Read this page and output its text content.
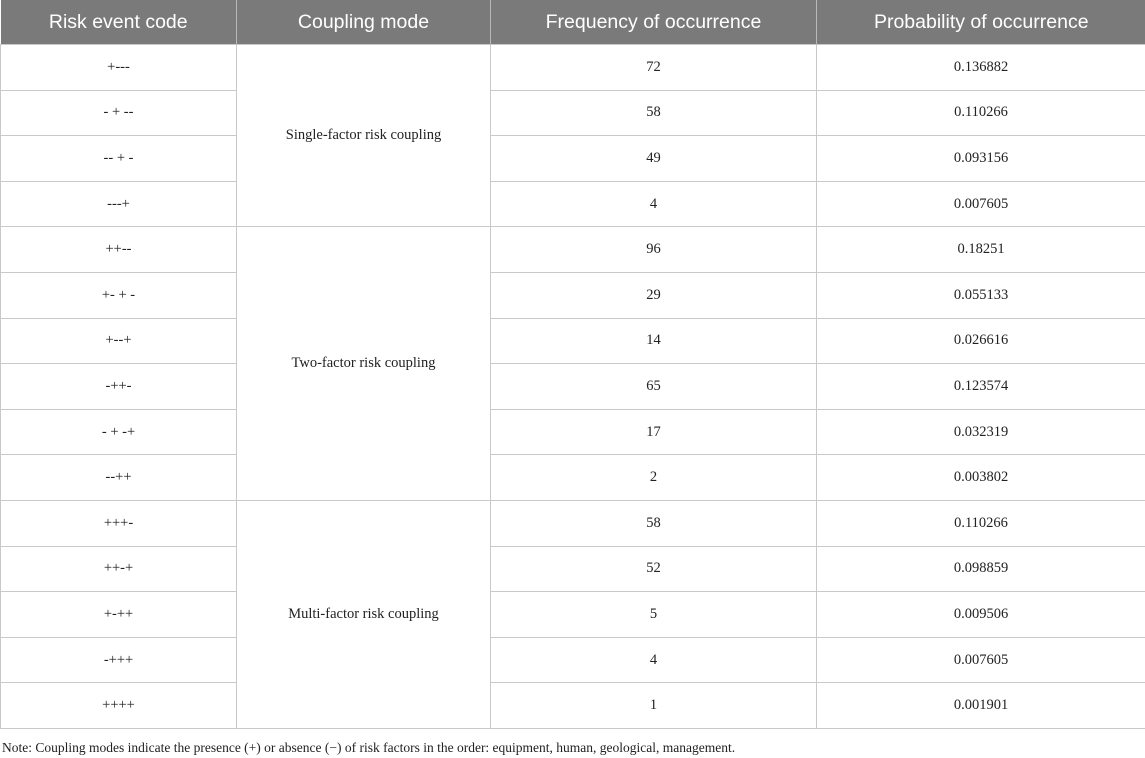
Risk event code	Coupling mode	Frequency of occurrence	Probability of occurrence
+---	Single-factor risk coupling	72	0.136882
- + --		58	0.110266
-- + -		49	0.093156
---+		4	0.007605
++--	Two-factor risk coupling	96	0.18251
+- + -		29	0.055133
+--+		14	0.026616
-++-		65	0.123574
- + -+		17	0.032319
--++		2	0.003802
+++-	Multi-factor risk coupling	58	0.110266
++-+		52	0.098859
+-++		5	0.009506
-+++		4	0.007605
++++		1	0.001901
Note: Coupling modes indicate the presence (+) or absence (−) of risk factors in the order: equipment, human, geological, management.
